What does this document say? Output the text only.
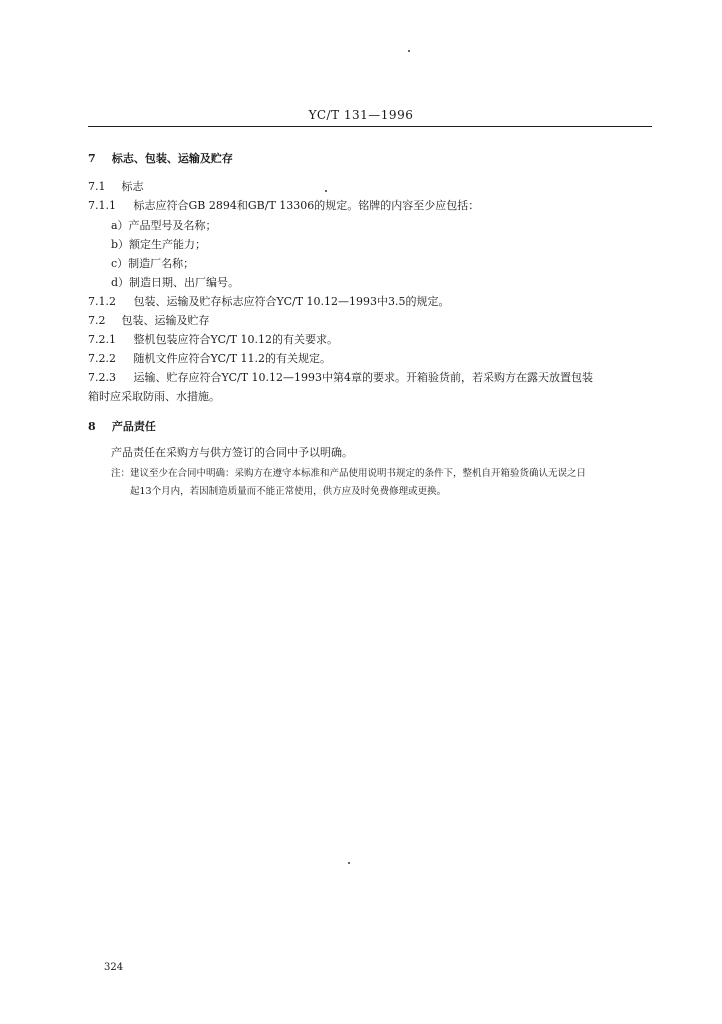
YC/T 131—1996
7 标志、包装、运输及贮存
7.1 标志
7.1.1 标志应符合GB 2894和GB/T 13306的规定。铭牌的内容至少应包括：
a）产品型号及名称；
b）额定生产能力；
c）制造厂名称；
d）制造日期、出厂编号。
7.1.2 包装、运输及贮存标志应符合YC/T 10.12—1993中3.5的规定。
7.2 包装、运输及贮存
7.2.1 整机包装应符合YC/T 10.12的有关要求。
7.2.2 随机文件应符合YC/T 11.2的有关规定。
7.2.3 运输、贮存应符合YC/T 10.12—1993中第4章的要求。开箱验货前，若采购方在露天放置包装
箱时应采取防雨、水措施。
8 产品责任
产品责任在采购方与供方签订的合同中予以明确。
注：建议至少在合同中明确：采购方在遵守本标准和产品使用说明书规定的条件下，整机自开箱验货确认无误之日
起13个月内，若因制造质量而不能正常使用，供方应及时免费修理或更换。
324
